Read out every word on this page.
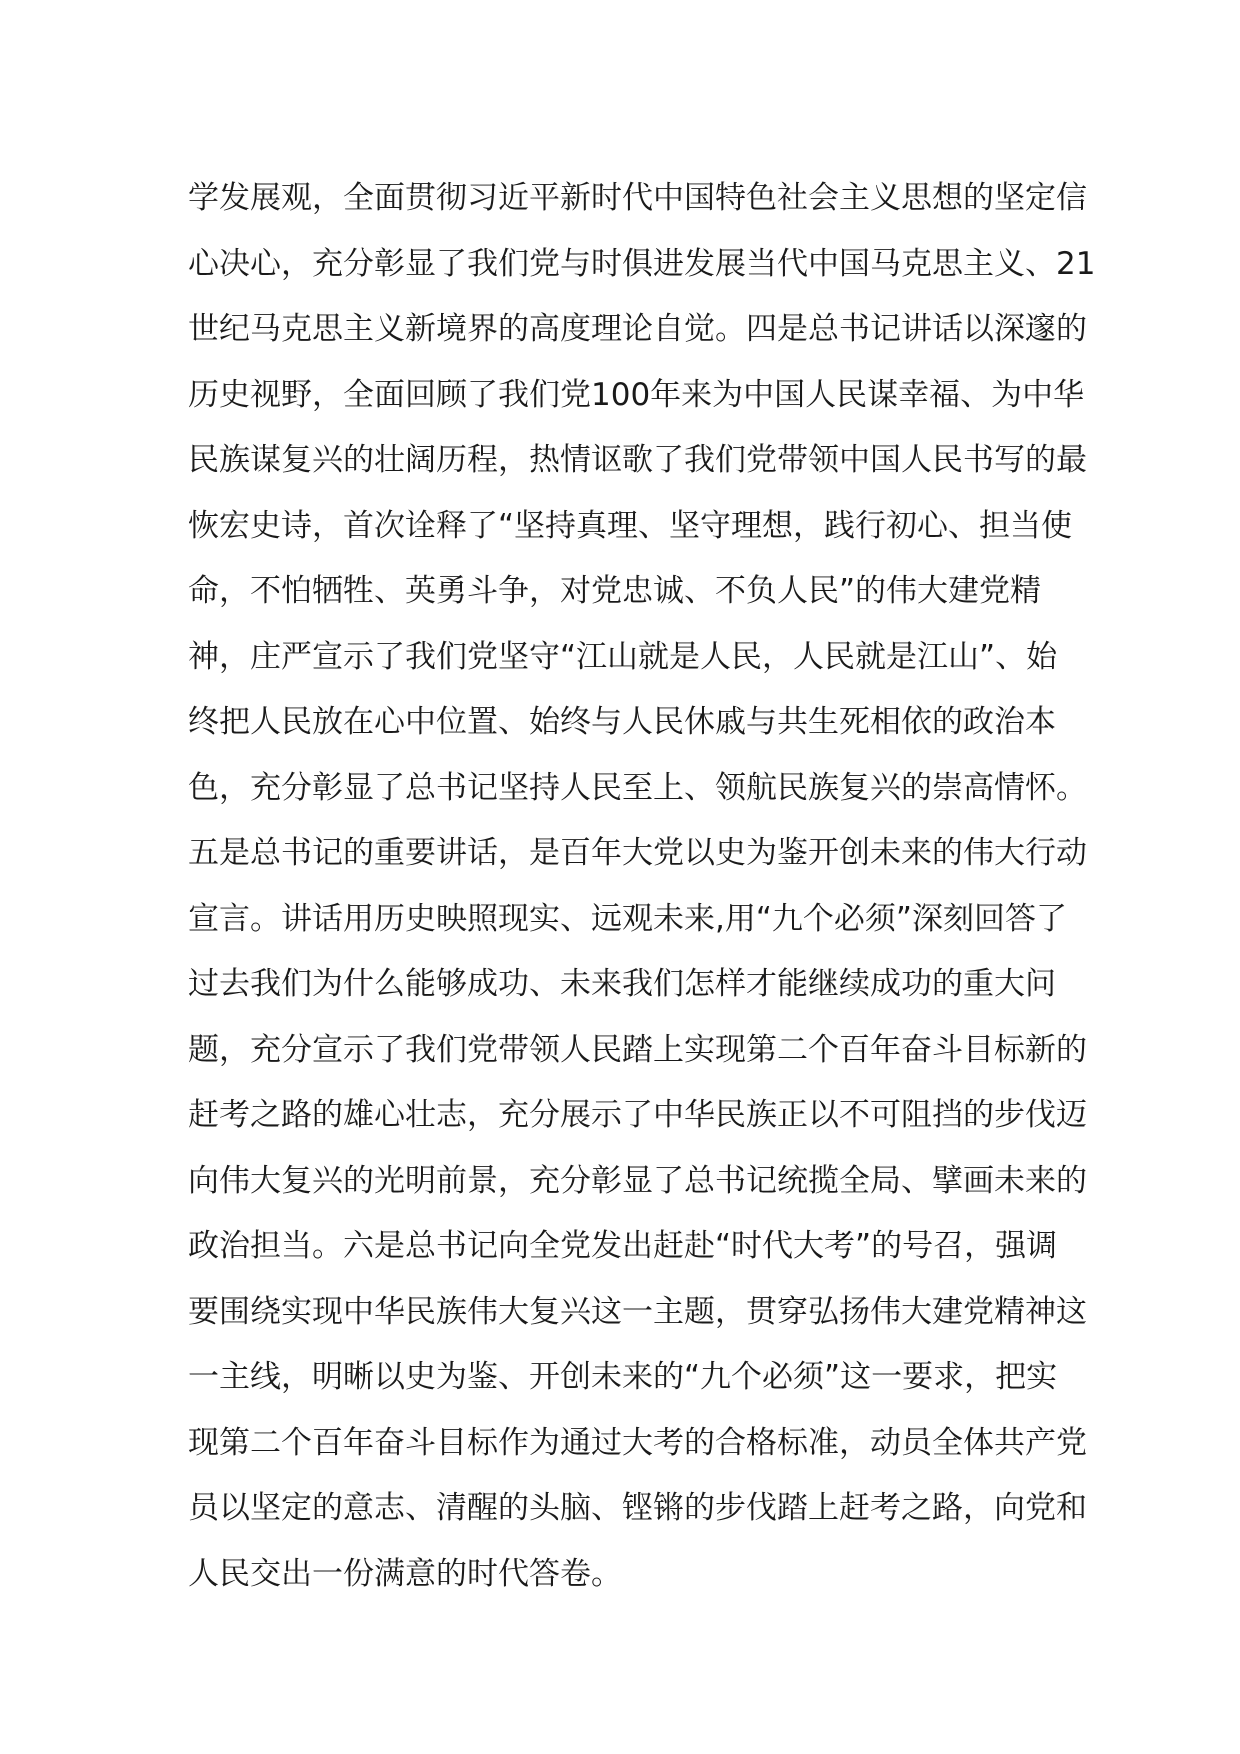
学发展观，全面贯彻习近平新时代中国特色社会主义思想的坚定信
心决心，充分彰显了我们党与时俱进发展当代中国马克思主义、21
世纪马克思主义新境界的高度理论自觉。四是总书记讲话以深邃的
历史视野，全面回顾了我们党100年来为中国人民谋幸福、为中华
民族谋复兴的壮阔历程，热情讴歌了我们党带领中国人民书写的最
恢宏史诗，首次诠释了“坚持真理、坚守理想，践行初心、担当使
命，不怕牺牲、英勇斗争，对党忠诚、不负人民”的伟大建党精
神，庄严宣示了我们党坚守“江山就是人民，人民就是江山”、始
终把人民放在心中位置、始终与人民休戚与共生死相依的政治本
色，充分彰显了总书记坚持人民至上、领航民族复兴的崇高情怀。
五是总书记的重要讲话，是百年大党以史为鉴开创未来的伟大行动
宣言。讲话用历史映照现实、远观未来,用“九个必须”深刻回答了
过去我们为什么能够成功、未来我们怎样才能继续成功的重大问
题，充分宣示了我们党带领人民踏上实现第二个百年奋斗目标新的
赶考之路的雄心壮志，充分展示了中华民族正以不可阻挡的步伐迈
向伟大复兴的光明前景，充分彰显了总书记统揽全局、擘画未来的
政治担当。六是总书记向全党发出赶赴“时代大考”的号召，强调
要围绕实现中华民族伟大复兴这一主题，贯穿弘扬伟大建党精神这
一主线，明晰以史为鉴、开创未来的“九个必须”这一要求，把实
现第二个百年奋斗目标作为通过大考的合格标准，动员全体共产党
员以坚定的意志、清醒的头脑、铿锵的步伐踏上赶考之路，向党和
人民交出一份满意的时代答卷。
